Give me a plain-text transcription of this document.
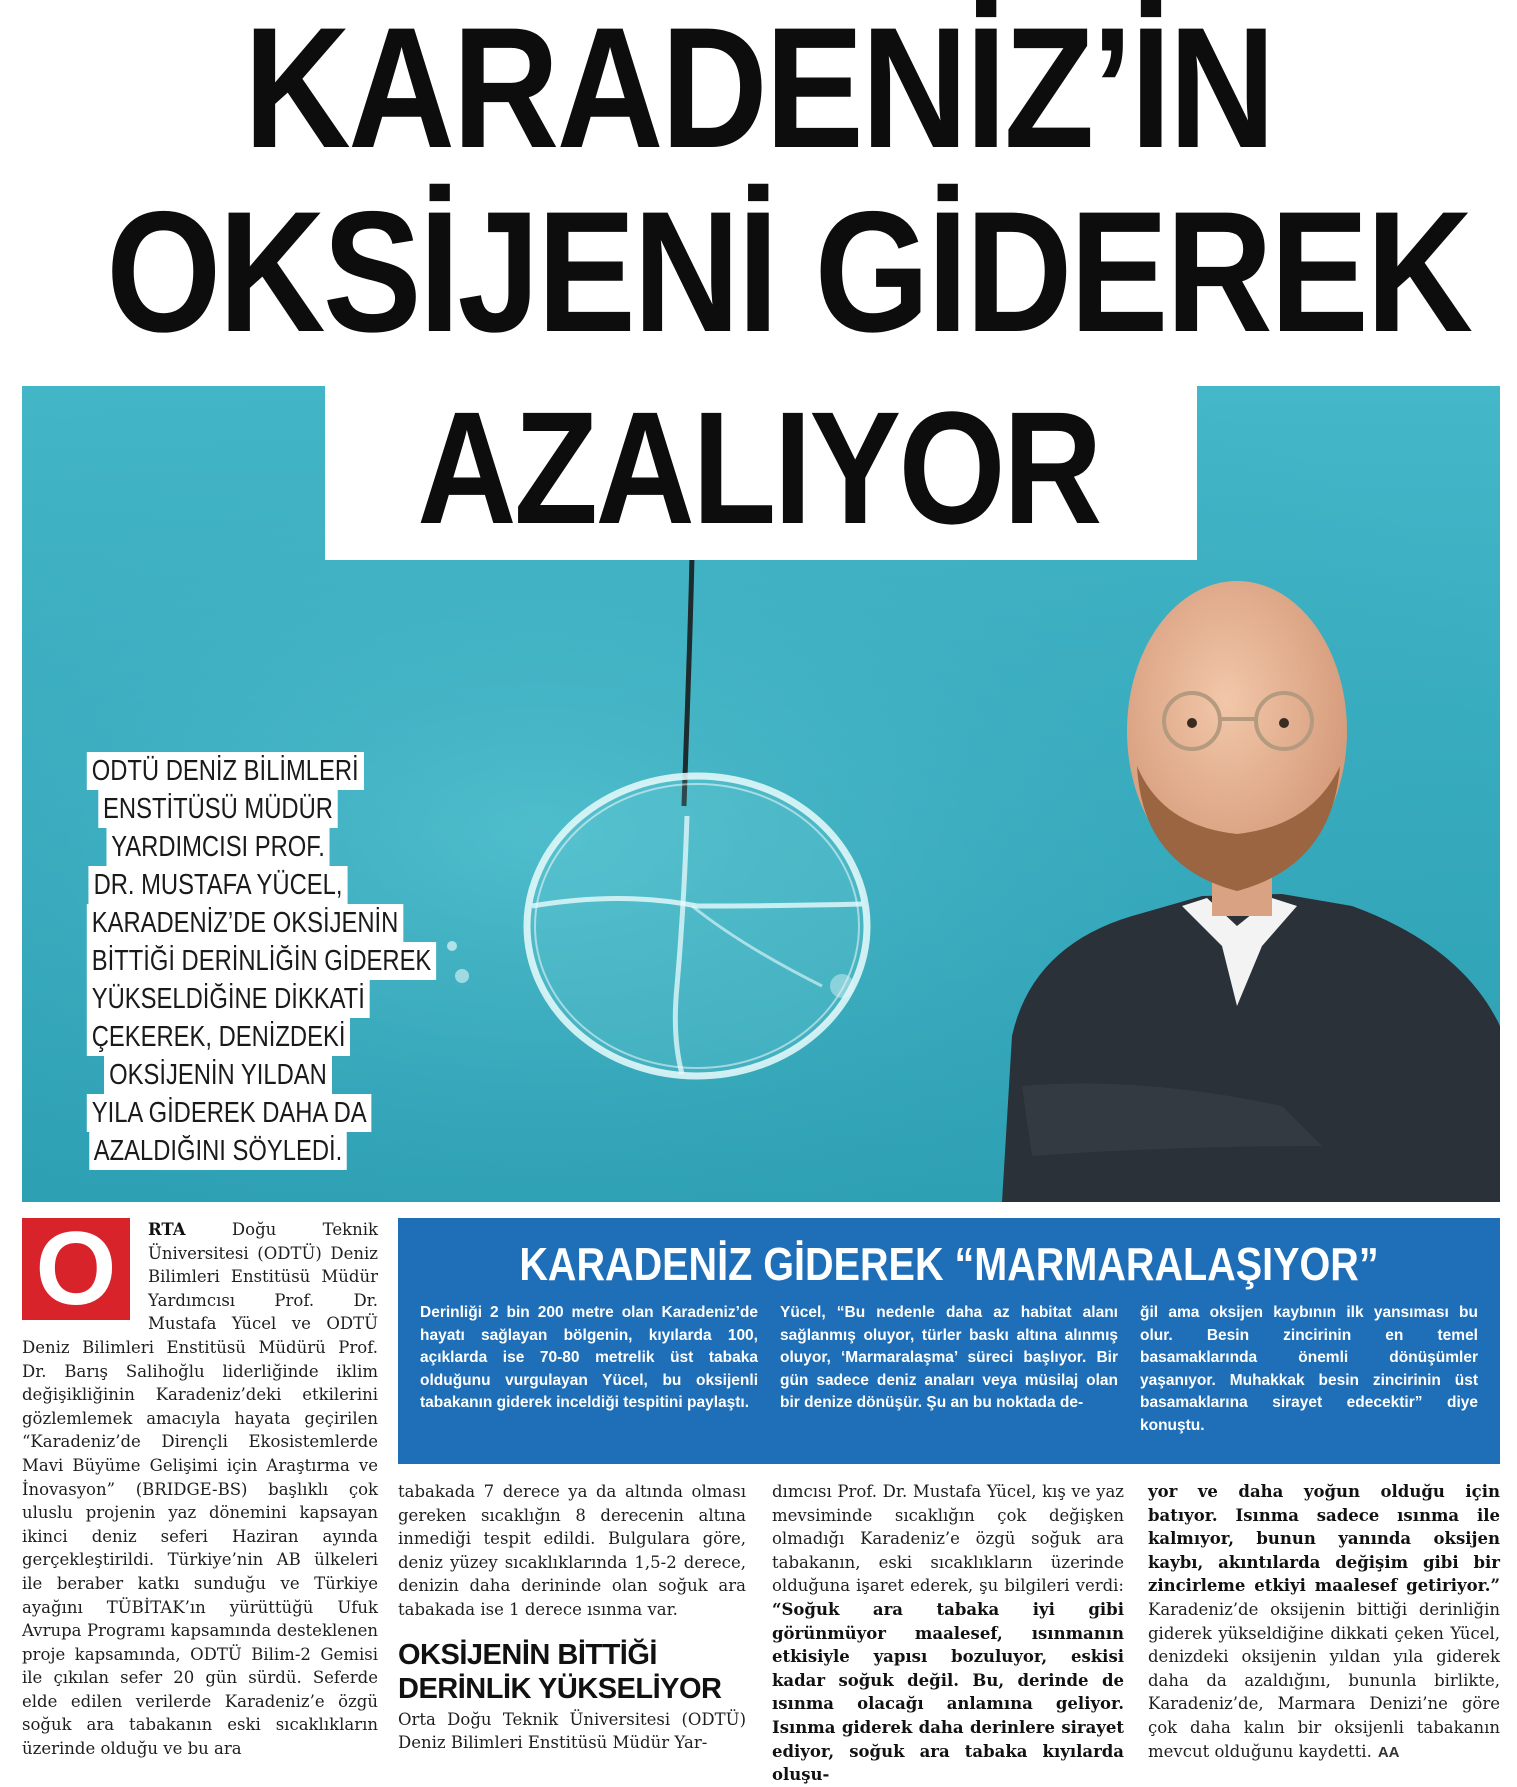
KARADENİZ’İN
OKSİJENİ GİDEREK
AZALIYOR
ODTÜ DENİZ BİLİMLERİ
ENSTİTÜSÜ MÜDÜR
YARDIMCISI PROF.
DR. MUSTAFA YÜCEL,
KARADENİZ’DE OKSİJENİN
BİTTİĞİ DERİNLİĞİN GİDEREK
YÜKSELDİĞİNE DİKKATİ
ÇEKEREK, DENİZDEKİ
OKSİJENİN YILDAN
YILA GİDEREK DAHA DA
AZALDIĞINI SÖYLEDİ.
O	RTA Doğu Teknik Üniversitesi (ODTÜ) Deniz Bilimleri Enstitüsü Müdür Yardımcısı Prof. Dr. Mustafa Yücel ve ODTÜ Deniz Bilimleri Enstitüsü Müdürü Prof. Dr. Barış Salihoğlu liderliğinde iklim değişikliğinin Karadeniz’deki etkilerini gözlemlemek amacıyla hayata geçirilen “Karadeniz’de Dirençli Ekosistemlerde Mavi Büyüme Gelişimi için Araştırma ve İnovasyon” (BRIDGE-BS) başlıklı çok uluslu projenin yaz dönemini kapsayan ikinci deniz seferi Haziran ayında gerçekleştirildi. Türkiye’nin AB ülkeleri ile beraber katkı sunduğu ve Türkiye ayağını TÜBİTAK’ın yürüttüğü Ufuk Avrupa Programı kapsamında desteklenen proje kapsamında, ODTÜ Bilim-2 Gemisi ile çıkılan sefer 20 gün sürdü. Seferde elde edilen verilerde Karadeniz’e özgü soğuk ara tabakanın eski sıcaklıkların üzerinde olduğu ve bu ara

KARADENİZ GİDEREK “MARMARALAŞIYOR”

Derinliği 2 bin 200 metre olan Karadeniz’de hayatı sağlayan bölgenin, kıyılarda 100, açıklarda ise 70-80 metrelik üst tabaka olduğunu vurgulayan Yücel, bu oksijenli tabakanın giderek inceldiği tespitini paylaştı.

Yücel, “Bu nedenle daha az habitat alanı sağlanmış oluyor, türler baskı altına alınmış oluyor, ‘Marmaralaşma’ süreci başlıyor. Bir gün sadece deniz anaları veya müsilaj olan bir denize dönüşür. Şu an bu noktada de-

ğil ama oksijen kaybının ilk yansıması bu olur. Besin zincirinin en temel basamaklarında önemli dönüşümler yaşanıyor. Muhakkak besin zincirinin üst basamaklarına sirayet edecektir” diye konuştu.

tabakada 7 derece ya da altında olması gereken sıcaklığın 8 derecenin altına inmediği tespit edildi. Bulgulara göre, deniz yüzey sıcaklıklarında 1,5-2 derece, denizin daha derininde olan soğuk ara tabakada ise 1 derece ısınma var.

OKSİJENİN BİTTİĞİ
DERİNLİK YÜKSELİYOR

Orta Doğu Teknik Üniversitesi (ODTÜ) Deniz Bilimleri Enstitüsü Müdür Yar-

dımcısı Prof. Dr. Mustafa Yücel, kış ve yaz mevsiminde sıcaklığın çok değişken olmadığı Karadeniz’e özgü soğuk ara tabakanın, eski sıcaklıkların üzerinde olduğuna işaret ederek, şu bilgileri verdi: “Soğuk ara tabaka iyi gibi görünmüyor maalesef, ısınmanın etkisiyle yapısı bozuluyor, eskisi kadar soğuk değil. Bu, derinde de ısınma olacağı anlamına geliyor. Isınma giderek daha derinlere sirayet ediyor, soğuk ara tabaka kıyılarda oluşu-

yor ve daha yoğun olduğu için batıyor. Isınma sadece ısınma ile kalmıyor, bunun yanında oksijen kaybı, akıntılarda değişim gibi bir zincirleme etkiyi maalesef getiriyor.” Karadeniz’de oksijenin bittiği derinliğin giderek yükseldiğine dikkati çeken Yücel, denizdeki oksijenin yıldan yıla giderek daha da azaldığını, bununla birlikte, Karadeniz’de, Marmara Denizi’ne göre çok daha kalın bir oksijenli tabakanın mevcut olduğunu kaydetti. AA
